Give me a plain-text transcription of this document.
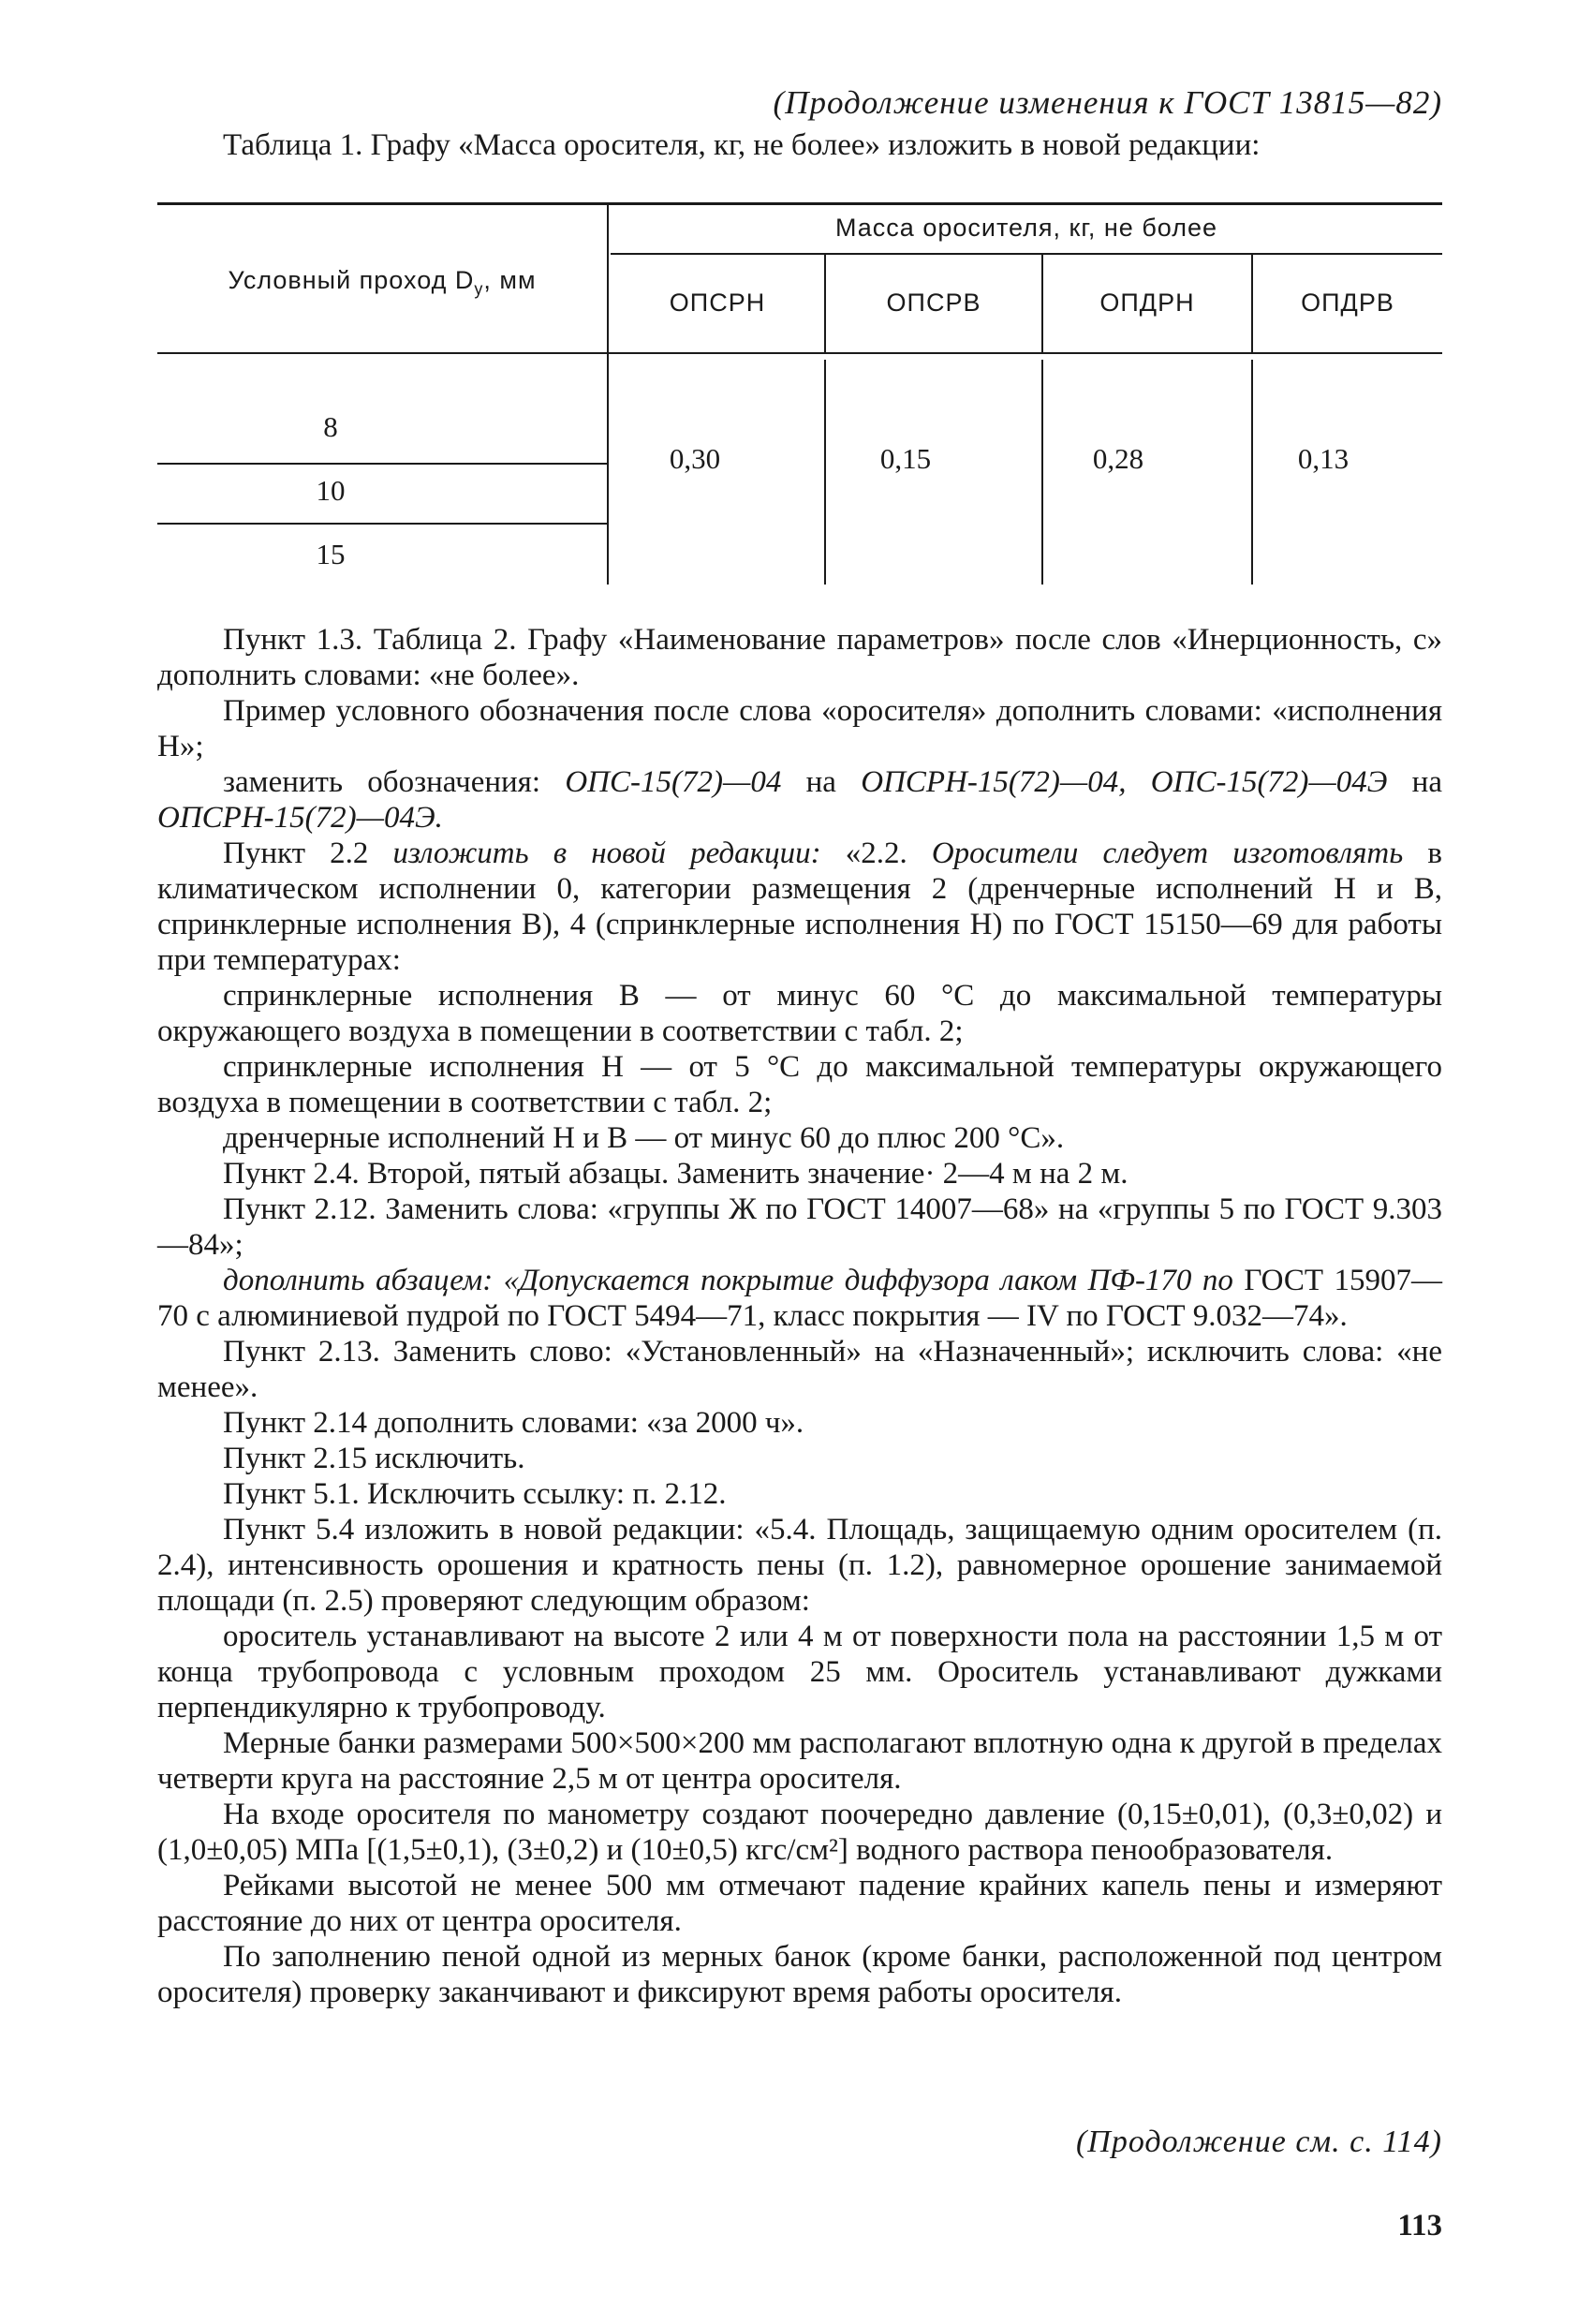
(Продолжение изменения к ГОСТ 13815—82)

Таблица 1. Графу «Масса оросителя, кг, не более» изложить в новой редакции:

Условный проход $D_у$, мм
Масса оросителя, кг, не более
ОПСРН	ОПСРВ	ОПДРН	ОПДРВ
8
10
15
0,30	0,15	0,28	0,13

Пункт 1.3. Таблица 2. Графу «Наименование параметров» после слов «Инерционность, с» дополнить словами: «не более».

Пример условного обозначения после слова «оросителя» дополнить словами: «исполнения Н»;

заменить обозначения: ОПС-15(72)—04 на ОПСРН-15(72)—04, ОПС-15(72)—04Э на ОПСРН-15(72)—04Э.

Пункт 2.2 изложить в новой редакции: «2.2. Оросители следует изготовлять в климатическом исполнении 0, категории размещения 2 (дренчерные исполнений Н и В, спринклерные исполнения В), 4 (спринклерные исполнения Н) по ГОСТ 15150—69 для работы при температурах:

спринклерные исполнения В — от минус 60 °С до максимальной температуры окружающего воздуха в помещении в соответствии с табл. 2;

спринклерные исполнения Н — от 5 °С до максимальной температуры окружающего воздуха в помещении в соответствии с табл. 2;

дренчерные исполнений Н и В — от минус 60 до плюс 200 °С».

Пункт 2.4. Второй, пятый абзацы. Заменить значение· 2—4 м на 2 м.

Пункт 2.12. Заменить слова: «группы Ж по ГОСТ 14007—68» на «группы 5 по ГОСТ 9.303—84»;

дополнить абзацем: «Допускается покрытие диффузора лаком ПФ-170 по ГОСТ 15907—70 с алюминиевой пудрой по ГОСТ 5494—71, класс покрытия — IV по ГОСТ 9.032—74».

Пункт 2.13. Заменить слово: «Установленный» на «Назначенный»; исключить слова: «не менее».

Пункт 2.14 дополнить словами: «за 2000 ч».

Пункт 2.15 исключить.

Пункт 5.1. Исключить ссылку: п. 2.12.

Пункт 5.4 изложить в новой редакции: «5.4. Площадь, защищаемую одним оросителем (п. 2.4), интенсивность орошения и кратность пены (п. 1.2), равномерное орошение занимаемой площади (п. 2.5) проверяют следующим образом:

ороситель устанавливают на высоте 2 или 4 м от поверхности пола на расстоянии 1,5 м от конца трубопровода с условным проходом 25 мм. Ороситель устанавливают дужками перпендикулярно к трубопроводу.

Мерные банки размерами 500×500×200 мм располагают вплотную одна к другой в пределах четверти круга на расстояние 2,5 м от центра оросителя.

На входе оросителя по манометру создают поочередно давление (0,15±0,01), (0,3±0,02) и (1,0±0,05) МПа [(1,5±0,1), (3±0,2) и (10±0,5) кгс/см²] водного раствора пенообразователя.

Рейками высотой не менее 500 мм отмечают падение крайних капель пены и измеряют расстояние до них от центра оросителя.

По заполнению пеной одной из мерных банок (кроме банки, расположенной под центром оросителя) проверку заканчивают и фиксируют время работы оросителя.

(Продолжение см. с. 114)
113
